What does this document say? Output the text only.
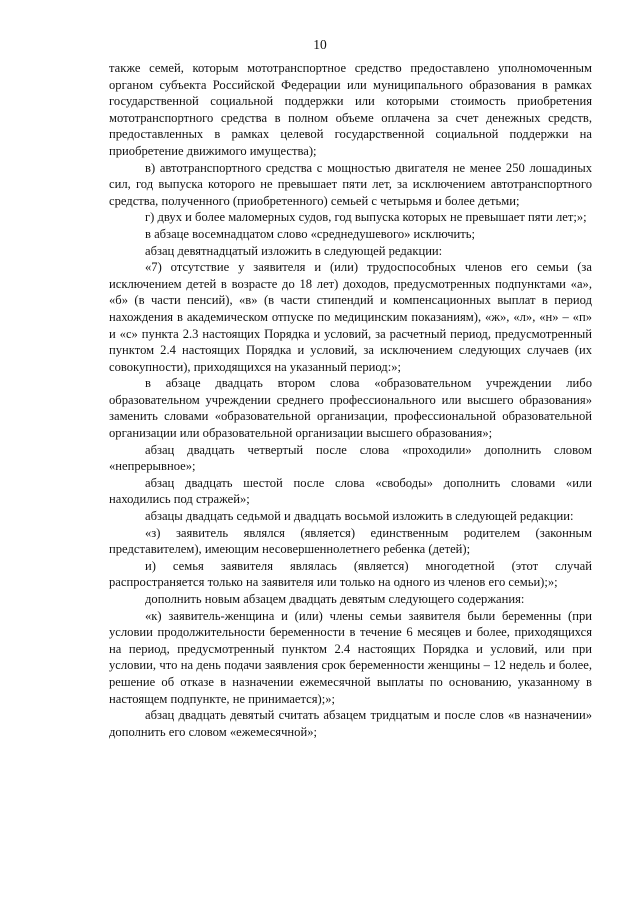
10

также семей, которым мототранспортное средство предоставлено уполномоченным органом субъекта Российской Федерации или муниципального образования в рамках государственной социальной поддержки или которыми стоимость приобретения мототранспортного средства в полном объеме оплачена за счет денежных средств, предоставленных в рамках целевой государственной социальной поддержки на приобретение движимого имущества);

в) автотранспортного средства с мощностью двигателя не менее 250 лошадиных сил, год выпуска которого не превышает пяти лет, за исключением автотранспортного средства, полученного (приобретенного) семьей с четырьмя и более детьми;

г) двух и более маломерных судов, год выпуска которых не превышает пяти лет;»;

в абзаце восемнадцатом слово «среднедушевого» исключить;

абзац девятнадцатый изложить в следующей редакции:

«7) отсутствие у заявителя и (или) трудоспособных членов его семьи (за исключением детей в возрасте до 18 лет) доходов, предусмотренных подпунктами «а», «б» (в части пенсий), «в» (в части стипендий и компенсационных выплат в период нахождения в академическом отпуске по медицинским показаниям), «ж», «л», «н» – «п» и «с» пункта 2.3 настоящих Порядка и условий, за расчетный период, предусмотренный пунктом 2.4 настоящих Порядка и условий, за исключением следующих случаев (их совокупности), приходящихся на указанный период:»;

в абзаце двадцать втором слова «образовательном учреждении либо образовательном учреждении среднего профессионального или высшего образования» заменить словами «образовательной организации, профессиональной образовательной организации или образовательной организации высшего образования»;

абзац двадцать четвертый после слова «проходили» дополнить словом «непрерывное»;

абзац двадцать шестой после слова «свободы» дополнить словами «или находились под стражей»;

абзацы двадцать седьмой и двадцать восьмой изложить в следующей редакции:

«з) заявитель являлся (является) единственным родителем (законным представителем), имеющим несовершеннолетнего ребенка (детей);

и) семья заявителя являлась (является) многодетной (этот случай распространяется только на заявителя или только на одного из членов его семьи);»;

дополнить новым абзацем двадцать девятым следующего содержания:

«к) заявитель-женщина и (или) члены семьи заявителя были беременны (при условии продолжительности беременности в течение 6 месяцев и более, приходящихся на период, предусмотренный пунктом 2.4 настоящих Порядка и условий, или при условии, что на день подачи заявления срок беременности женщины – 12 недель и более, решение об отказе в назначении ежемесячной выплаты по основанию, указанному в настоящем подпункте, не принимается);»;

абзац двадцать девятый считать абзацем тридцатым и после слов «в назначении» дополнить его словом «ежемесячной»;
